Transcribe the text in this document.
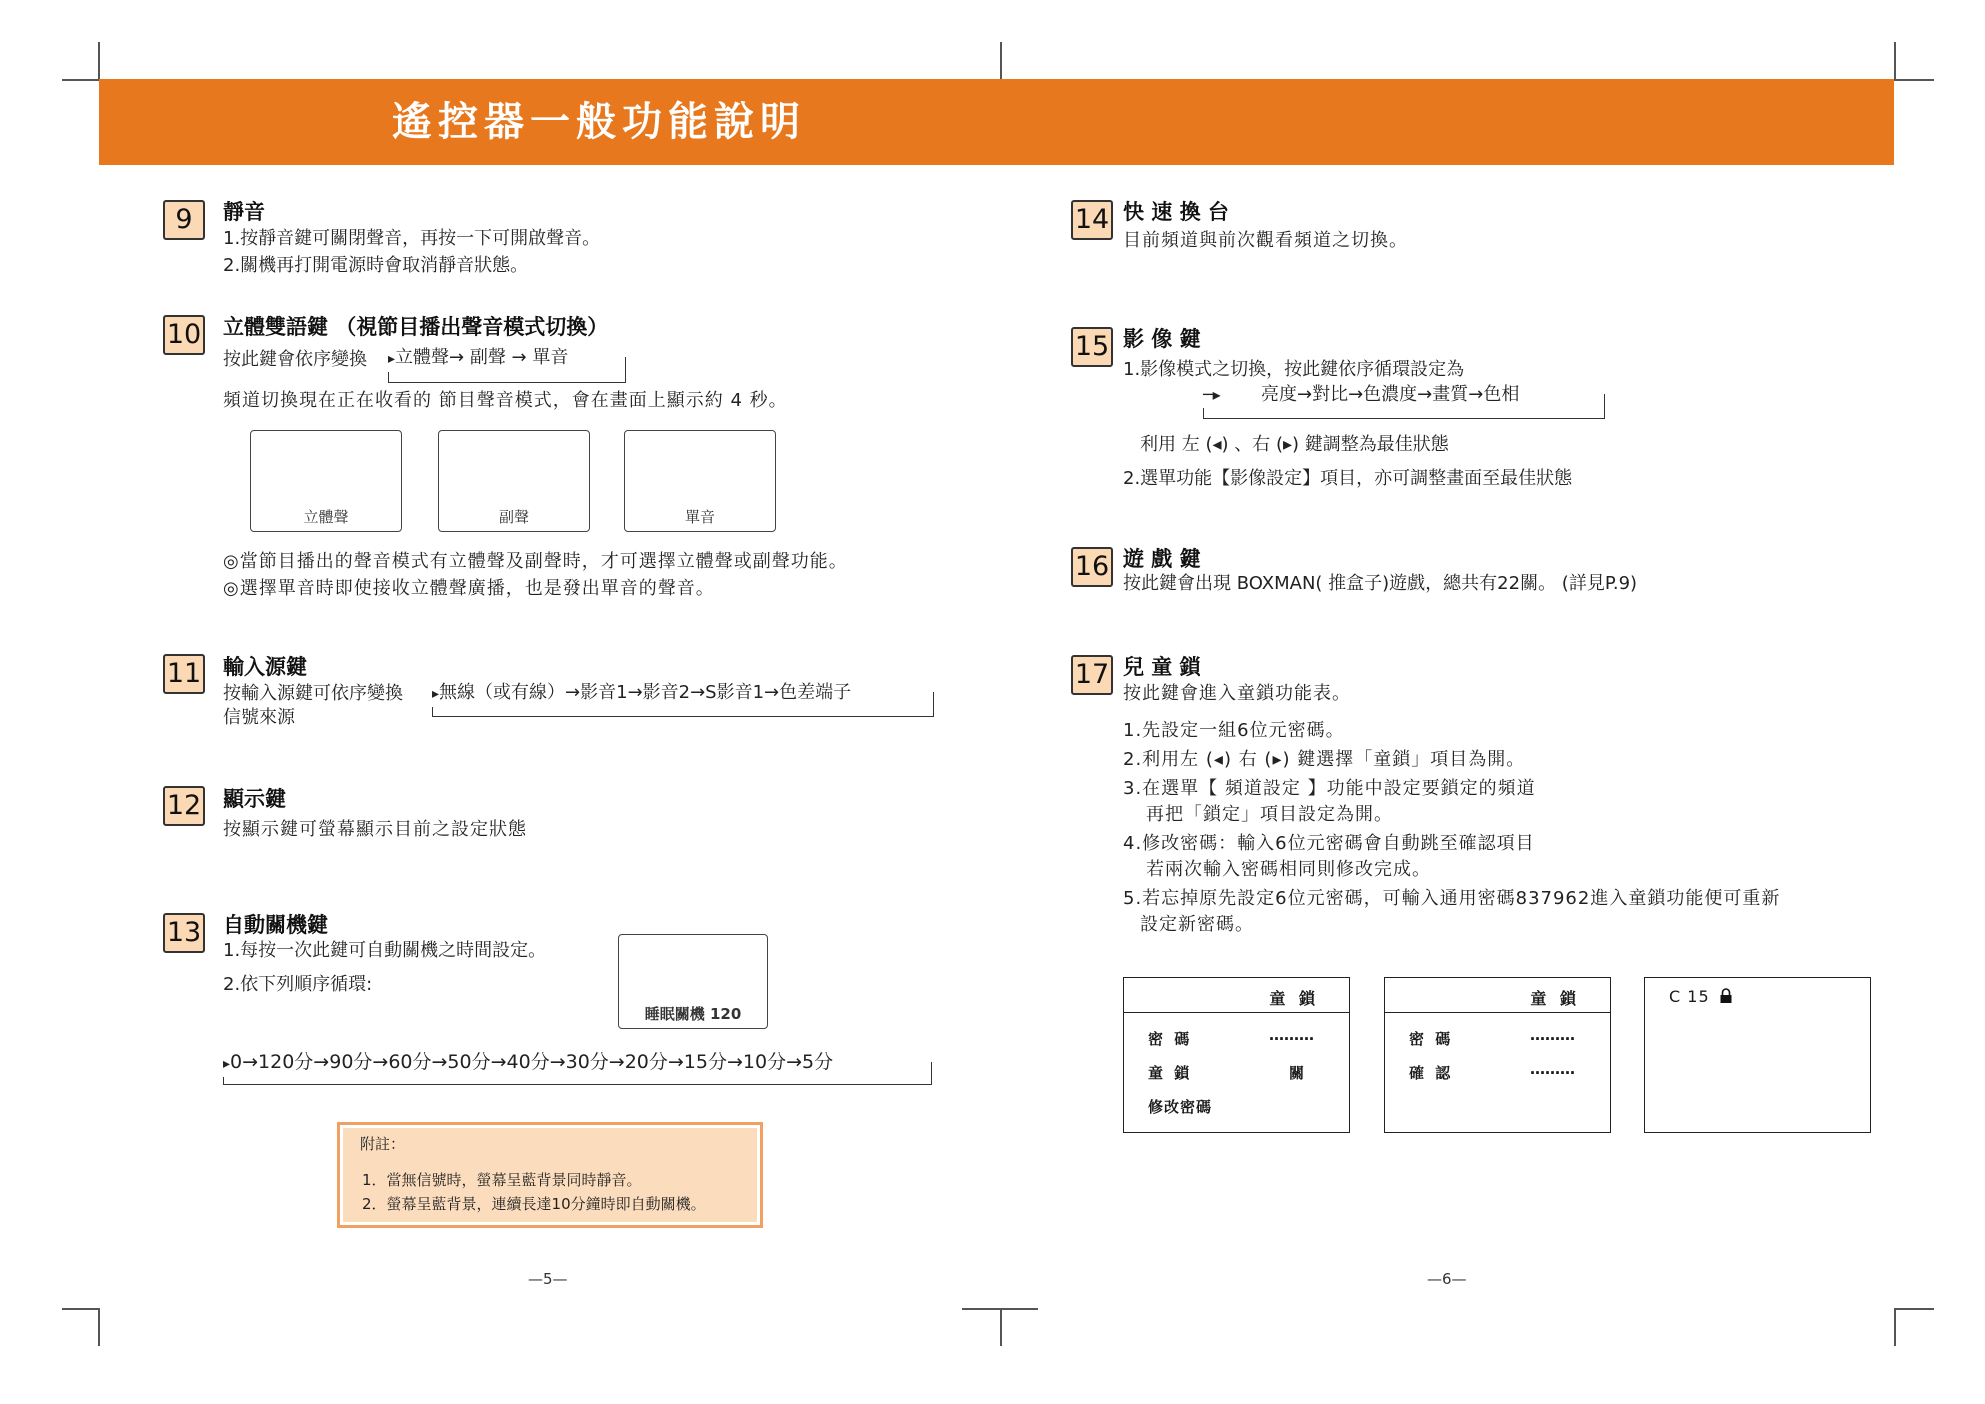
遙控器一般功能說明
9	靜音
1.按靜音鍵可關閉聲音，再按一下可開啟聲音。
2.關機再打開電源時會取消靜音狀態。
10 立體雙語鍵 （視節目播出聲音模式切換）
按此鍵會依序變換 ▸立體聲→ 副聲 → 單音
頻道切換現在正在收看的 節目聲音模式，會在畫面上顯示約 4 秒。
立體聲	副聲	單音
◎當節目播出的聲音模式有立體聲及副聲時，才可選擇立體聲或副聲功能。
◎選擇單音時即使接收立體聲廣播，也是發出單音的聲音。
11 輸入源鍵
按輸入源鍵可依序變換 ▸無線（或有線）→影音1→影音2→S影音1→色差端子
信號來源
12 顯示鍵
按顯示鍵可螢幕顯示目前之設定狀態
13 自動關機鍵
1.每按一次此鍵可自動關機之時間設定。
2.依下列順序循環:
睡眠關機 120
▸0→120分→90分→60分→50分→40分→30分→20分→15分→10分→5分
附註：
1．當無信號時，螢幕呈藍背景同時靜音。
2．螢幕呈藍背景，連續長達10分鐘時即自動關機。
—5—
14 快 速 換 台
目前頻道與前次觀看頻道之切換。
15 影 像 鍵
1.影像模式之切換，按此鍵依序循環設定為
─▸	亮度→對比→色濃度→畫質→色相
利用 左 (◂) 、右 (▸) 鍵調整為最佳狀態
2.選單功能【影像設定】項目，亦可調整畫面至最佳狀態
16 遊 戲 鍵
按此鍵會出現 BOXMAN( 推盒子)遊戲，總共有22關。 (詳見P.9)
17 兒 童 鎖
按此鍵會進入童鎖功能表。
1.先設定一組6位元密碼。
2.利用左 (◂) 右 (▸) 鍵選擇「童鎖」項目為開。
3.在選單【 頻道設定 】功能中設定要鎖定的頻道
再把「鎖定」項目設定為開。
4.修改密碼：輸入6位元密碼會自動跳至確認項目
若兩次輸入密碼相同則修改完成。
5.若忘掉原先設定6位元密碼，可輸入通用密碼837962進入童鎖功能便可重新
設定新密碼。
童 鎖
密 碼	………
童 鎖	關
修改密碼
童 鎖
密 碼	………
確 認	………
C 15
—6—
